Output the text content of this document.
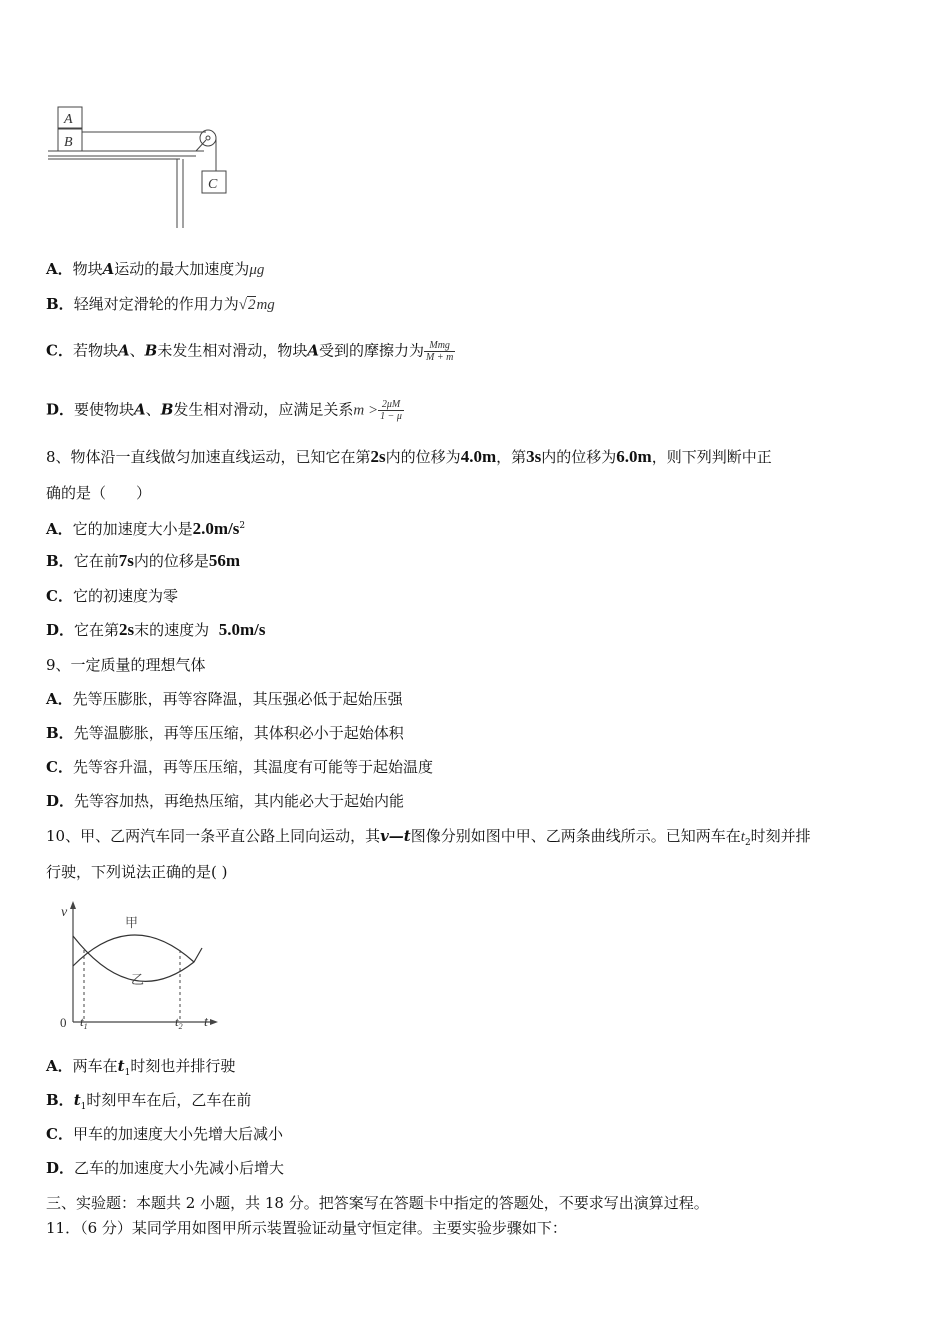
A
B
C
A．物块A运动的最大加速度为μg
B．轻绳对定滑轮的作用力为√2mg
C．若物块A、B未发生相对滑动，物块A受到的摩擦力为 $\frac{\text{Mmg}}{M + m}$
D．要使物块A、B发生相对滑动，应满足关系$m > \frac{2\mu M}{1 - \mu}$
8、物体沿一直线做匀加速直线运动，已知它在第2s内的位移为4.0m，第3s内的位移为6.0m，则下列判断中正
确的是（　　）
A．它的加速度大小是$2.0m/s^2$
B．它在前7s内的位移是56m
C．它的初速度为零
D．它在第2s末的速度为 5.0m/s
9、一定质量的理想气体
A．先等压膨胀，再等容降温，其压强必低于起始压强
B．先等温膨胀，再等压压缩，其体积必小于起始体积
C．先等容升温，再等压压缩，其温度有可能等于起始温度
D．先等容加热，再绝热压缩，其内能必大于起始内能
10、甲、乙两汽车同一条平直公路上同向运动，其v—t图像分别如图中甲、乙两条曲线所示。已知两车在$t_2$时刻并排
行驶，下列说法正确的是( )
v
t
0 $t_1$	$t_2$
甲
乙
A．两车在$t_1$时刻也并排行驶
B．$t_1$时刻甲车在后，乙车在前
C．甲车的加速度大小先增大后减小
D．乙车的加速度大小先减小后增大
三、实验题：本题共 2 小题，共 18 分。把答案写在答题卡中指定的答题处，不要求写出演算过程。
11．（6 分）某同学用如图甲所示装置验证动量守恒定律。主要实验步骤如下：
